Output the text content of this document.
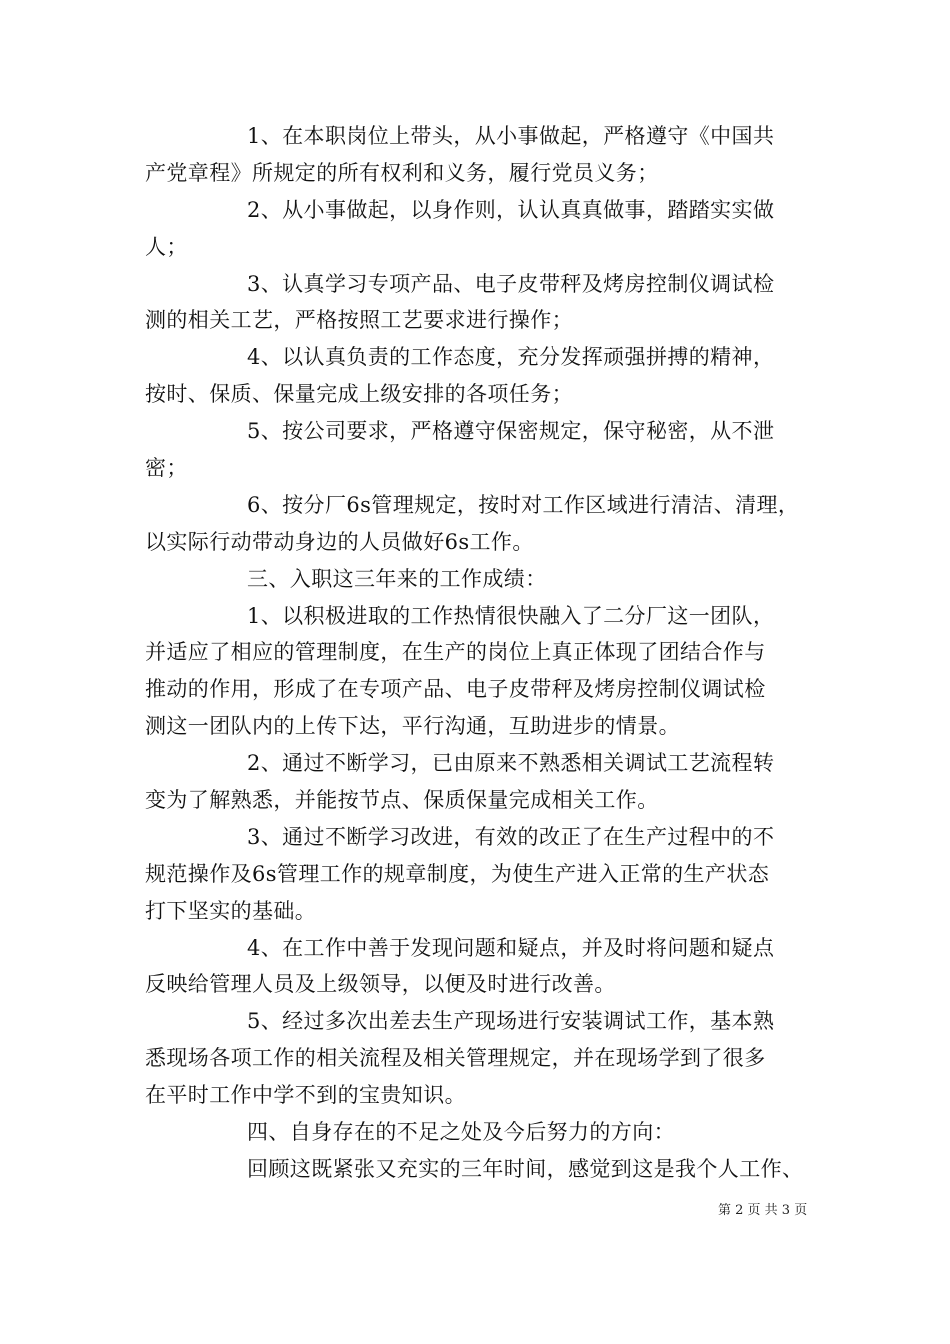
1、在本职岗位上带头，从小事做起，严格遵守《中国共
产党章程》所规定的所有权利和义务，履行党员义务；
2、从小事做起，以身作则，认认真真做事，踏踏实实做
人；
3、认真学习专项产品、电子皮带秤及烤房控制仪调试检
测的相关工艺，严格按照工艺要求进行操作；
4、以认真负责的工作态度，充分发挥顽强拼搏的精神，
按时、保质、保量完成上级安排的各项任务；
5、按公司要求，严格遵守保密规定，保守秘密，从不泄
密；
6、按分厂6s管理规定，按时对工作区域进行清洁、清理，
以实际行动带动身边的人员做好6s工作。
三、入职这三年来的工作成绩：
1、以积极进取的工作热情很快融入了二分厂这一团队，
并适应了相应的管理制度，在生产的岗位上真正体现了团结合作与
推动的作用，形成了在专项产品、电子皮带秤及烤房控制仪调试检
测这一团队内的上传下达，平行沟通，互助进步的情景。
2、通过不断学习，已由原来不熟悉相关调试工艺流程转
变为了解熟悉，并能按节点、保质保量完成相关工作。
3、通过不断学习改进，有效的改正了在生产过程中的不
规范操作及6s管理工作的规章制度，为使生产进入正常的生产状态
打下坚实的基础。
4、在工作中善于发现问题和疑点，并及时将问题和疑点
反映给管理人员及上级领导，以便及时进行改善。
5、经过多次出差去生产现场进行安装调试工作，基本熟
悉现场各项工作的相关流程及相关管理规定，并在现场学到了很多
在平时工作中学不到的宝贵知识。
四、自身存在的不足之处及今后努力的方向：
回顾这既紧张又充实的三年时间，感觉到这是我个人工作、
第 2 页 共 3 页
